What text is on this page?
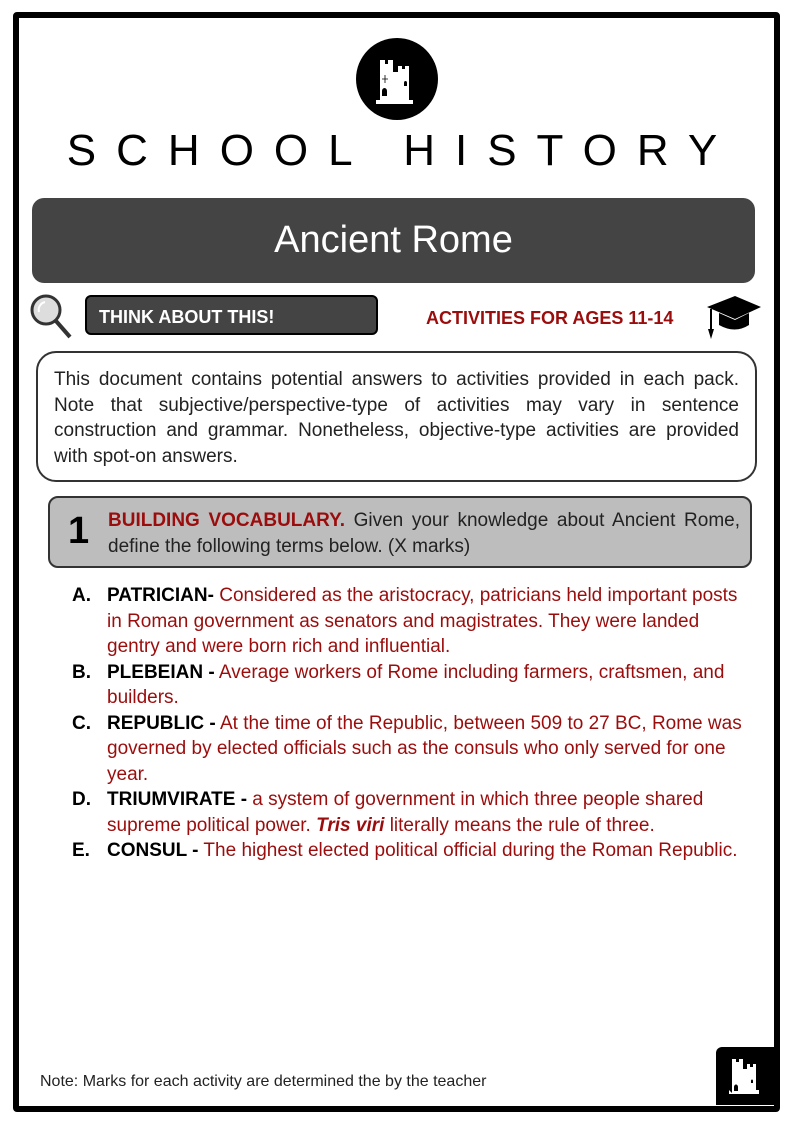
SCHOOL HISTORY
Ancient Rome
THINK ABOUT THIS!	ACTIVITIES FOR AGES 11-14
This document contains potential answers to activities provided in each pack. Note that subjective/perspective-type of activities may vary in sentence construction and grammar. Nonetheless, objective-type activities are provided with spot-on answers.
1 BUILDING VOCABULARY. Given your knowledge about Ancient Rome, define the following terms below. (X marks)
A. PATRICIAN- Considered as the aristocracy, patricians held important posts in Roman government as senators and magistrates. They were landed gentry and were born rich and influential.
B. PLEBEIAN - Average workers of Rome including farmers, craftsmen, and builders.
C. REPUBLIC - At the time of the Republic, between 509 to 27 BC, Rome was governed by elected officials such as the consuls who only served for one year.
D. TRIUMVIRATE - a system of government in which three people shared supreme political power. Tris viri literally means the rule of three.
E. CONSUL - The highest elected political official during the Roman Republic.
Note: Marks for each activity are determined the by the teacher
